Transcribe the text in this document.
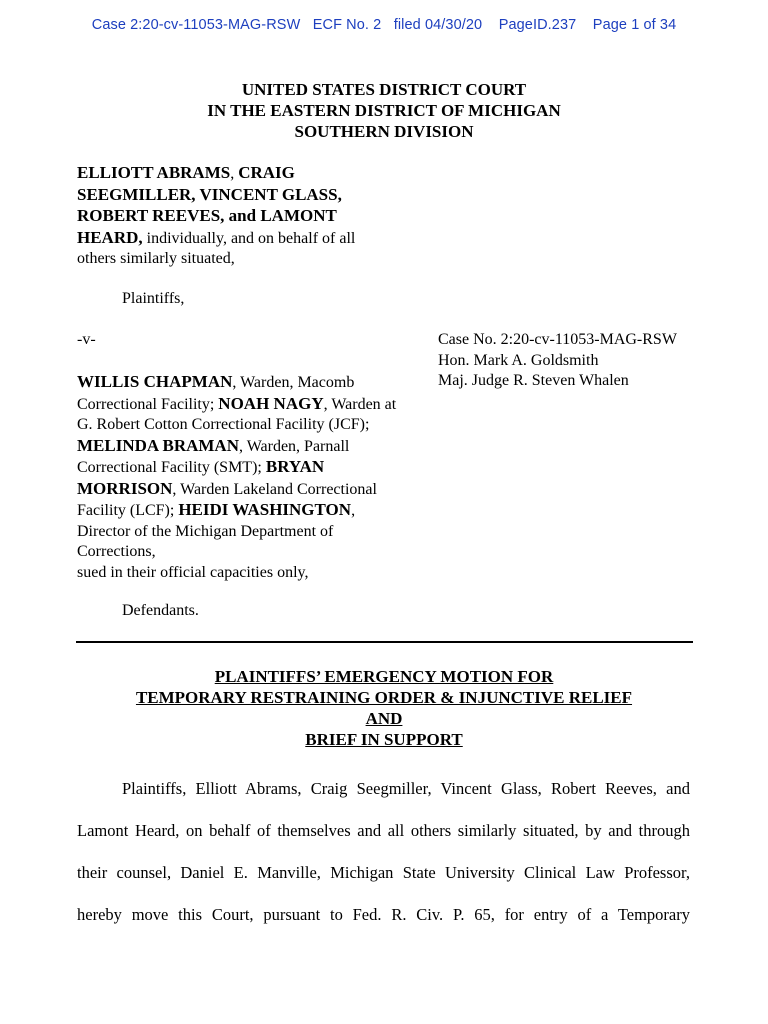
Case 2:20-cv-11053-MAG-RSW   ECF No. 2   filed 04/30/20    PageID.237    Page 1 of 34
UNITED STATES DISTRICT COURT
IN THE EASTERN DISTRICT OF MICHIGAN
SOUTHERN DIVISION
ELLIOTT ABRAMS, CRAIG SEEGMILLER, VINCENT GLASS, ROBERT REEVES, and LAMONT HEARD, individually, and on behalf of all others similarly situated,
Plaintiffs,
-v-	Case No. 2:20-cv-11053-MAG-RSW
Hon. Mark A. Goldsmith
Maj. Judge R. Steven Whalen
WILLIS CHAPMAN, Warden, Macomb Correctional Facility; NOAH NAGY, Warden at G. Robert Cotton Correctional Facility (JCF); MELINDA BRAMAN, Warden, Parnall Correctional Facility (SMT); BRYAN MORRISON, Warden Lakeland Correctional Facility (LCF); HEIDI WASHINGTON, Director of the Michigan Department of Corrections,
sued in their official capacities only,
Defendants.
PLAINTIFFS’ EMERGENCY MOTION FOR
TEMPORARY RESTRAINING ORDER & INJUNCTIVE RELIEF
AND
BRIEF IN SUPPORT
Plaintiffs, Elliott Abrams, Craig Seegmiller, Vincent Glass, Robert Reeves, and
Lamont Heard, on behalf of themselves and all others similarly situated, by and through
their counsel, Daniel E. Manville, Michigan State University Clinical Law Professor,
hereby move this Court, pursuant to Fed. R. Civ. P. 65, for entry of a Temporary
